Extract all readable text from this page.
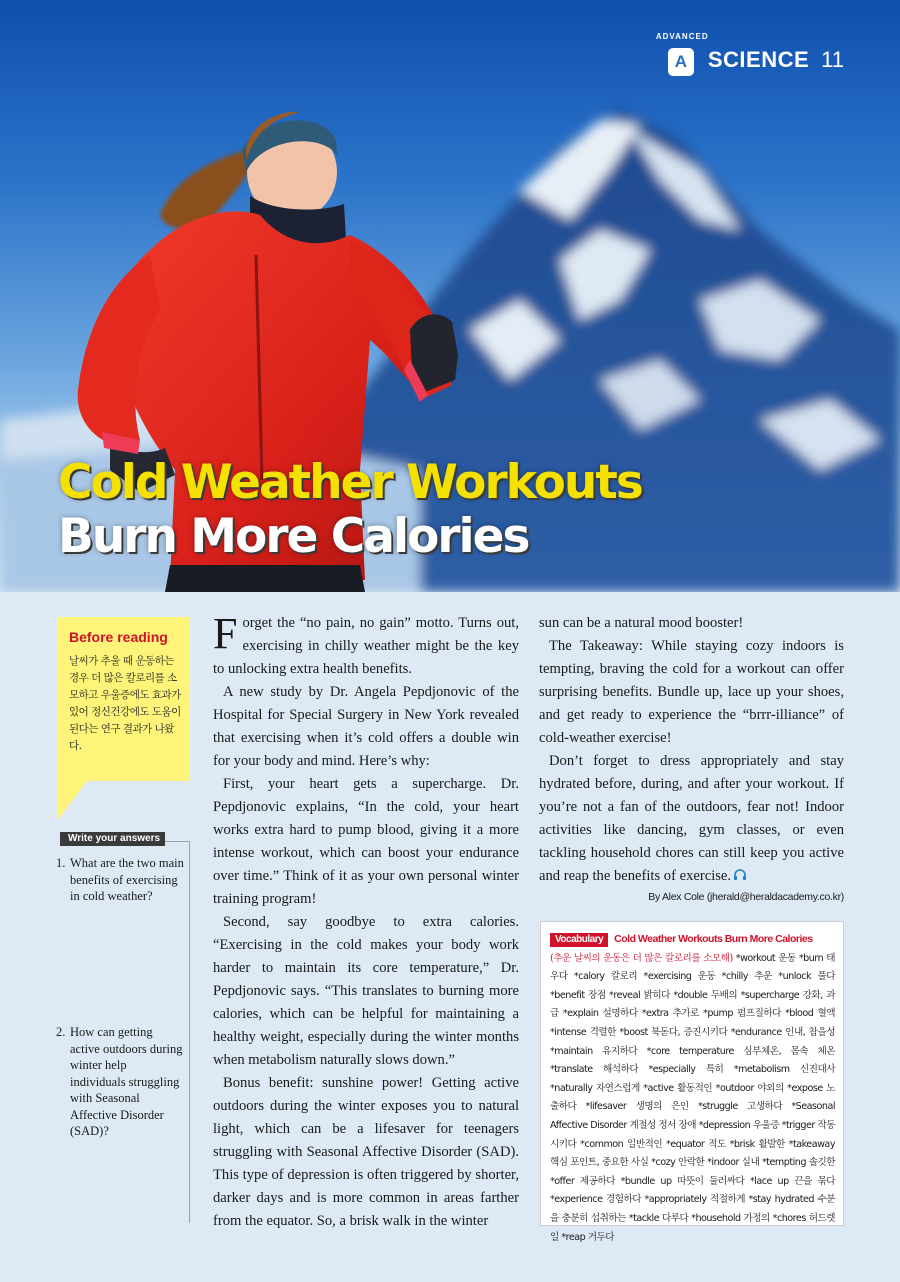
ADVANCED
A SCIENCE 11
Cold Weather Workouts
Burn More Calories
Before reading
날씨가 추울 때 운동하는 경우 더 많은 칼로리를 소모하고 우울증에도 효과가 있어 정신건강에도 도움이 된다는 연구 결과가 나왔다.
Write your answers
1. What are the two main benefits of exercising in cold weather?
2. How can getting active outdoors during winter help individuals struggling with Seasonal Affective Disorder (SAD)?

Forget the “no pain, no gain” motto. Turns out, exercising in chilly weather might be the key to unlocking extra health benefits.

A new study by Dr. Angela Pepdjonovic of the Hospital for Special Surgery in New York revealed that exercising when it’s cold offers a double win for your body and mind. Here’s why:

First, your heart gets a supercharge. Dr. Pepdjonovic explains, “In the cold, your heart works extra hard to pump blood, giving it a more intense workout, which can boost your endurance over time.” Think of it as your own personal winter training program!

Second, say goodbye to extra calories. “Exercising in the cold makes your body work harder to maintain its core temperature,” Dr. Pepdjonovic says. “This translates to burning more calories, which can be helpful for maintaining a healthy weight, especially during the winter months when metabolism naturally slows down.”

Bonus benefit: sunshine power! Getting active outdoors during the winter exposes you to natural light, which can be a lifesaver for teenagers struggling with Seasonal Affective Disorder (SAD). This type of depression is often triggered by shorter, darker days and is more common in areas farther from the equator. So, a brisk walk in the winter

sun can be a natural mood booster!

The Takeaway: While staying cozy indoors is tempting, braving the cold for a workout can offer surprising benefits. Bundle up, lace up your shoes, and get ready to experience the “brrr-illiance” of cold-weather exercise!

Don’t forget to dress appropriately and stay hydrated before, during, and after your workout. If you’re not a fan of the outdoors, fear not! Indoor activities like dancing, gym classes, or even tackling household chores can still keep you active and reap the benefits of exercise.

By Alex Cole (jherald@heraldacademy.co.kr)
Vocabulary Cold Weather Workouts Burn More Calories
(추운 날씨의 운동은 더 많은 칼로리를 소모해) *workout 운동 *burn 태우다 *calory 칼로리 *exercising 운동 *chilly 추운 *unlock 풀다 *benefit 장점 *reveal 밝히다 *double 두배의 *supercharge 강화, 과급 *explain 설명하다 *extra 추가로 *pump 펌프질하다 *blood 혈액 *intense 격렬한 *boost 북돋다, 증진시키다 *endurance 인내, 참을성 *maintain 유지하다 *core temperature 심부체온, 몸속 체온 *translate 해석하다 *especially 특히 *metabolism 신진대사 *naturally 자연스럽게 *active 활동적인 *outdoor 야외의 *expose 노출하다 *lifesaver 생명의 은인 *struggle 고생하다 *Seasonal Affective Disorder 계절성 정서 장애 *depression 우울증 *trigger 작동시키다 *common 일반적인 *equator 적도 *brisk 활발한 *takeaway 핵심 포인트, 중요한 사실 *cozy 안락한 *indoor 실내 *tempting 솔깃한 *offer 제공하다 *bundle up 따뜻이 둘러싸다 *lace up 끈을 묶다 *experience 경험하다 *appropriately 적절하게 *stay hydrated 수분을 충분히 섭취하는 *tackle 다루다 *household 가정의 *chores 허드렛일 *reap 거두다
